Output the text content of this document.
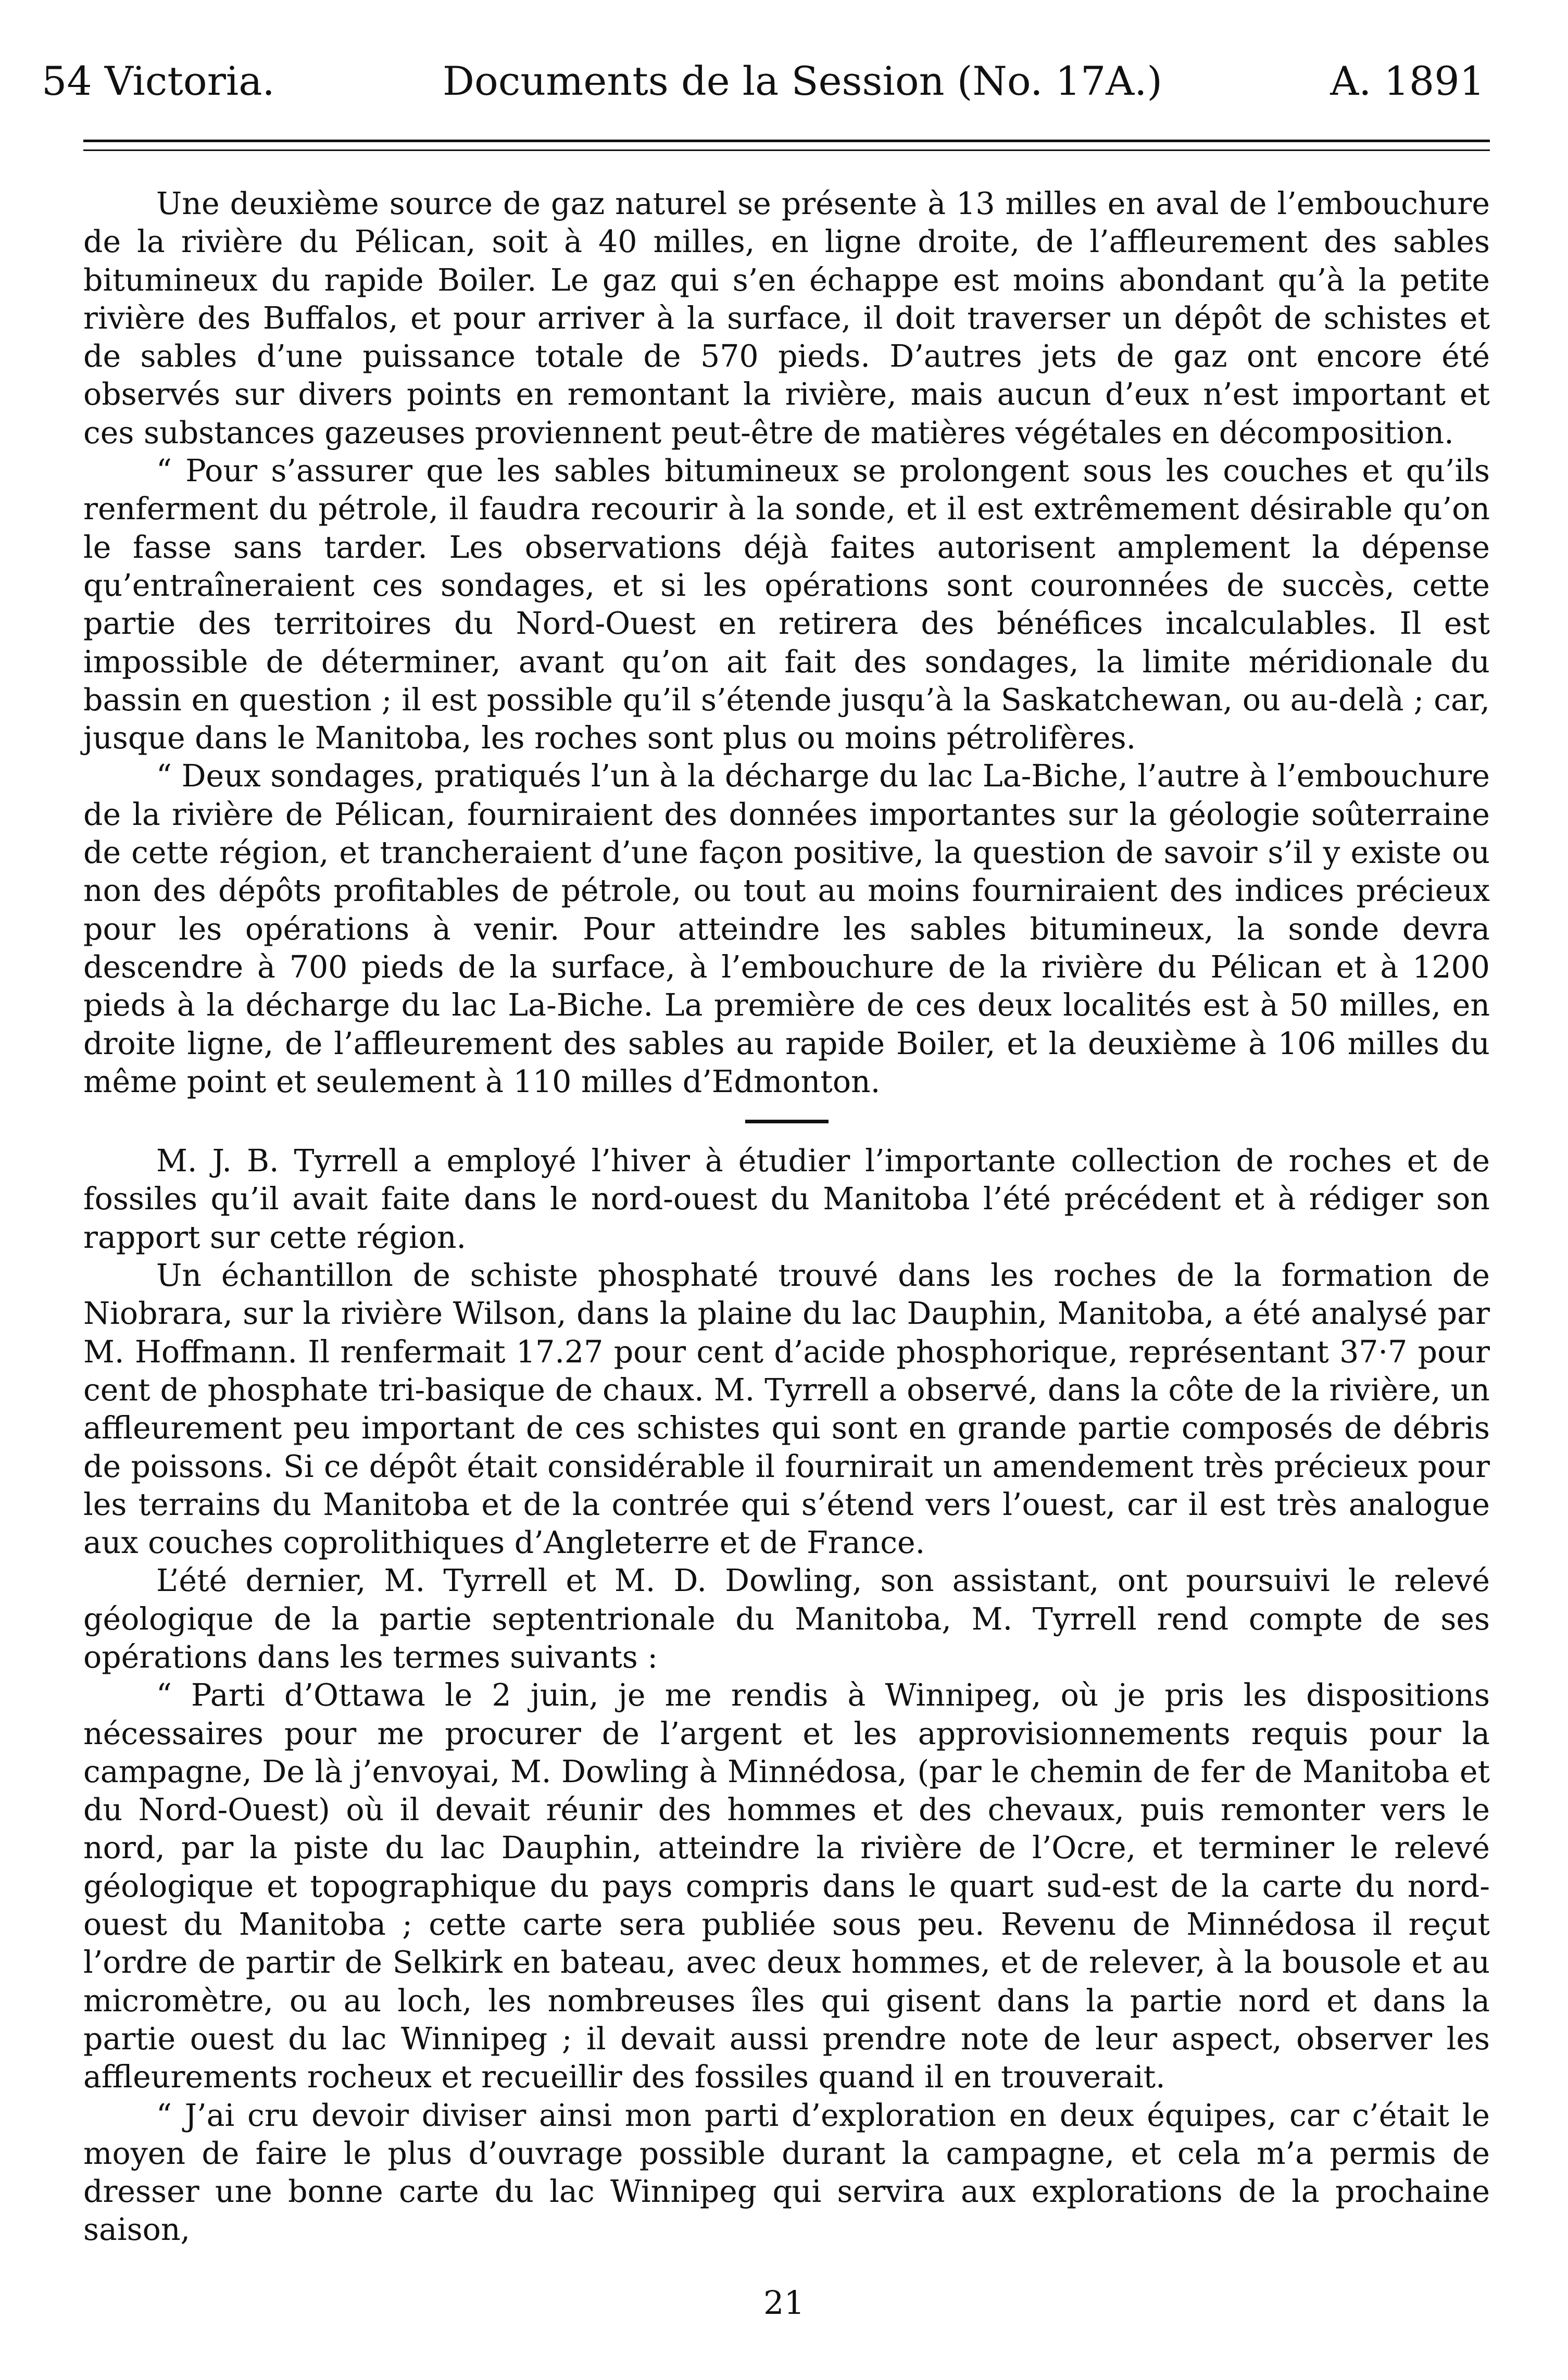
54 Victoria.	Documents de la Session (No. 17A.)	A. 1891

Une deuxième source de gaz naturel se présente à 13 milles en aval de l’embouchure de la rivière du Pélican, soit à 40 milles, en ligne droite, de l’affleurement des sables bitumineux du rapide Boiler. Le gaz qui s’en échappe est moins abondant qu’à la petite rivière des Buffalos, et pour arriver à la surface, il doit traverser un dépôt de schistes et de sables d’une puissance totale de 570 pieds. D’autres jets de gaz ont encore été observés sur divers points en remontant la rivière, mais aucun d’eux n’est important et ces substances gazeuses proviennent peut-être de matières végétales en décomposition.

“ Pour s’assurer que les sables bitumineux se prolongent sous les couches et qu’ils renferment du pétrole, il faudra recourir à la sonde, et il est extrêmement désirable qu’on le fasse sans tarder. Les observations déjà faites autorisent amplement la dépense qu’entraîneraient ces sondages, et si les opérations sont couronnées de succès, cette partie des territoires du Nord-Ouest en retirera des bénéfices incalculables. Il est impossible de déterminer, avant qu’on ait fait des sondages, la limite méridionale du bassin en question ; il est possible qu’il s’étende jusqu’à la Saskatchewan, ou au-delà ; car, jusque dans le Manitoba, les roches sont plus ou moins pétrolifères.

“ Deux sondages, pratiqués l’un à la décharge du lac La-Biche, l’autre à l’embouchure de la rivière de Pélican, fourniraient des données importantes sur la géologie soûterraine de cette région, et trancheraient d’une façon positive, la question de savoir s’il y existe ou non des dépôts profitables de pétrole, ou tout au moins fourniraient des indices précieux pour les opérations à venir. Pour atteindre les sables bitumineux, la sonde devra descendre à 700 pieds de la surface, à l’embouchure de la rivière du Pélican et à 1200 pieds à la décharge du lac La-Biche. La première de ces deux localités est à 50 milles, en droite ligne, de l’affleurement des sables au rapide Boiler, et la deuxième à 106 milles du même point et seulement à 110 milles d’Edmonton.

M. J. B. Tyrrell a employé l’hiver à étudier l’importante collection de roches et de fossiles qu’il avait faite dans le nord-ouest du Manitoba l’été précédent et à rédiger son rapport sur cette région.

Un échantillon de schiste phosphaté trouvé dans les roches de la formation de Niobrara, sur la rivière Wilson, dans la plaine du lac Dauphin, Manitoba, a été analysé par M. Hoffmann. Il renfermait 17.27 pour cent d’acide phosphorique, représentant 37·7 pour cent de phosphate tri-basique de chaux. M. Tyrrell a observé, dans la côte de la rivière, un affleurement peu important de ces schistes qui sont en grande partie composés de débris de poissons. Si ce dépôt était considérable il fournirait un amendement très précieux pour les terrains du Manitoba et de la contrée qui s’étend vers l’ouest, car il est très analogue aux couches coprolithiques d’Angleterre et de France.

L’été dernier, M. Tyrrell et M. D. Dowling, son assistant, ont poursuivi le relevé géologique de la partie septentrionale du Manitoba, M. Tyrrell rend compte de ses opérations dans les termes suivants :

“ Parti d’Ottawa le 2 juin, je me rendis à Winnipeg, où je pris les dispositions nécessaires pour me procurer de l’argent et les approvisionnements requis pour la campagne, De là j’envoyai, M. Dowling à Minnédosa, (par le chemin de fer de Manitoba et du Nord-Ouest) où il devait réunir des hommes et des chevaux, puis remonter vers le nord, par la piste du lac Dauphin, atteindre la rivière de l’Ocre, et terminer le relevé géologique et topographique du pays compris dans le quart sud-est de la carte du nord-ouest du Manitoba ; cette carte sera publiée sous peu. Revenu de Minnédosa il reçut l’ordre de partir de Selkirk en bateau, avec deux hommes, et de relever, à la bousole et au micromètre, ou au loch, les nombreuses îles qui gisent dans la partie nord et dans la partie ouest du lac Winnipeg ; il devait aussi prendre note de leur aspect, observer les affleurements rocheux et recueillir des fossiles quand il en trouverait.

“ J’ai cru devoir diviser ainsi mon parti d’exploration en deux équipes, car c’était le moyen de faire le plus d’ouvrage possible durant la campagne, et cela m’a permis de dresser une bonne carte du lac Winnipeg qui servira aux explorations de la prochaine saison,

21
